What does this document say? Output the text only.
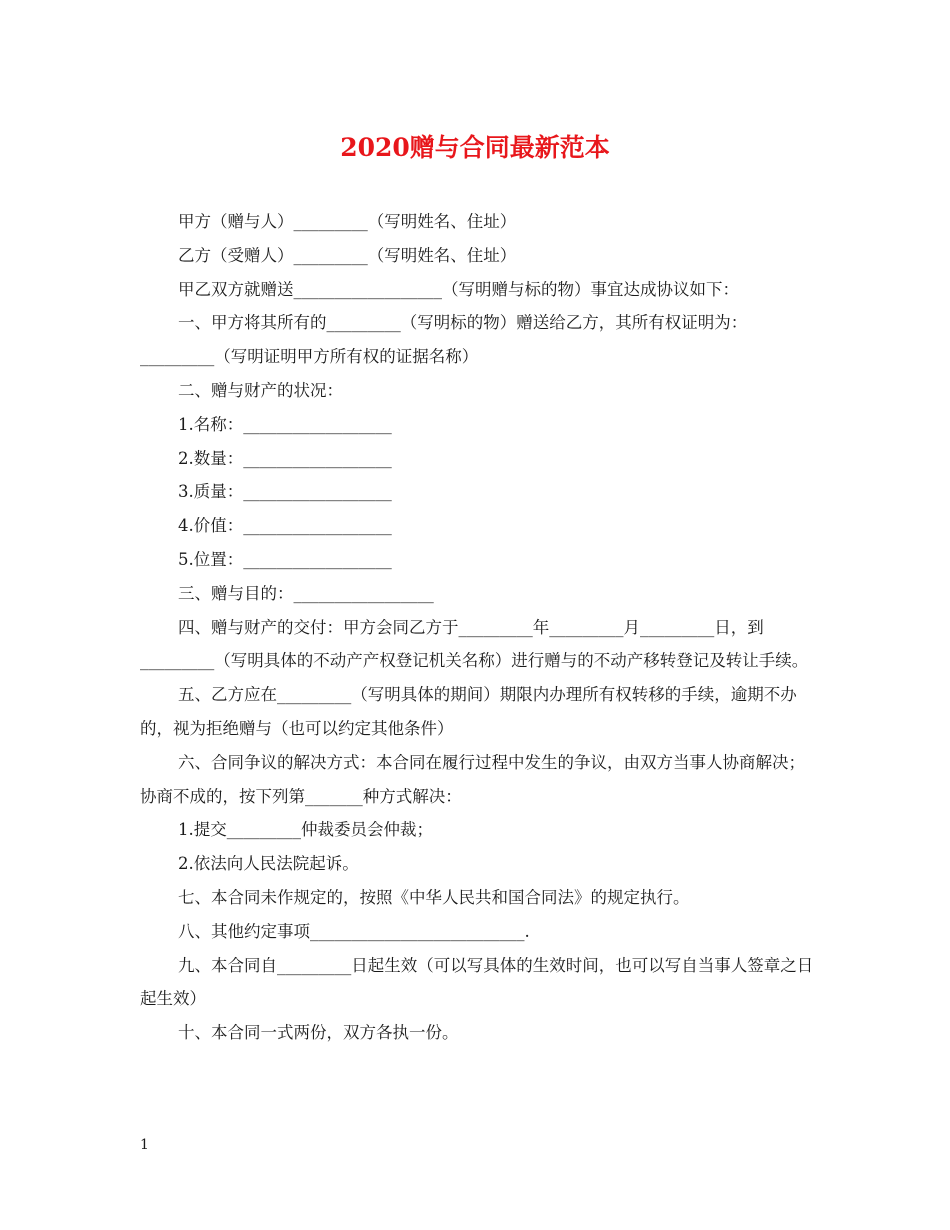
2020赠与合同最新范本

甲方（赠与人）_________（写明姓名、住址）

乙方（受赠人）_________（写明姓名、住址）

甲乙双方就赠送__________________（写明赠与标的物）事宜达成协议如下：

一、甲方将其所有的_________（写明标的物）赠送给乙方，其所有权证明为：_________（写明证明甲方所有权的证据名称）

二、赠与财产的状况：

1.名称：__________________

2.数量：__________________

3.质量：__________________

4.价值：__________________

5.位置：__________________

三、赠与目的：_________________

四、赠与财产的交付：甲方会同乙方于_________年_________月_________日，到_________（写明具体的不动产产权登记机关名称）进行赠与的不动产移转登记及转让手续。

五、乙方应在_________（写明具体的期间）期限内办理所有权转移的手续，逾期不办的，视为拒绝赠与（也可以约定其他条件）

六、合同争议的解决方式：本合同在履行过程中发生的争议，由双方当事人协商解决；协商不成的，按下列第_______种方式解决：

1.提交_________仲裁委员会仲裁；

2.依法向人民法院起诉。

七、本合同未作规定的，按照《中华人民共和国合同法》的规定执行。

八、其他约定事项__________________________.

九、本合同自_________日起生效（可以写具体的生效时间，也可以写自当事人签章之日起生效）

十、本合同一式两份，双方各执一份。

1
